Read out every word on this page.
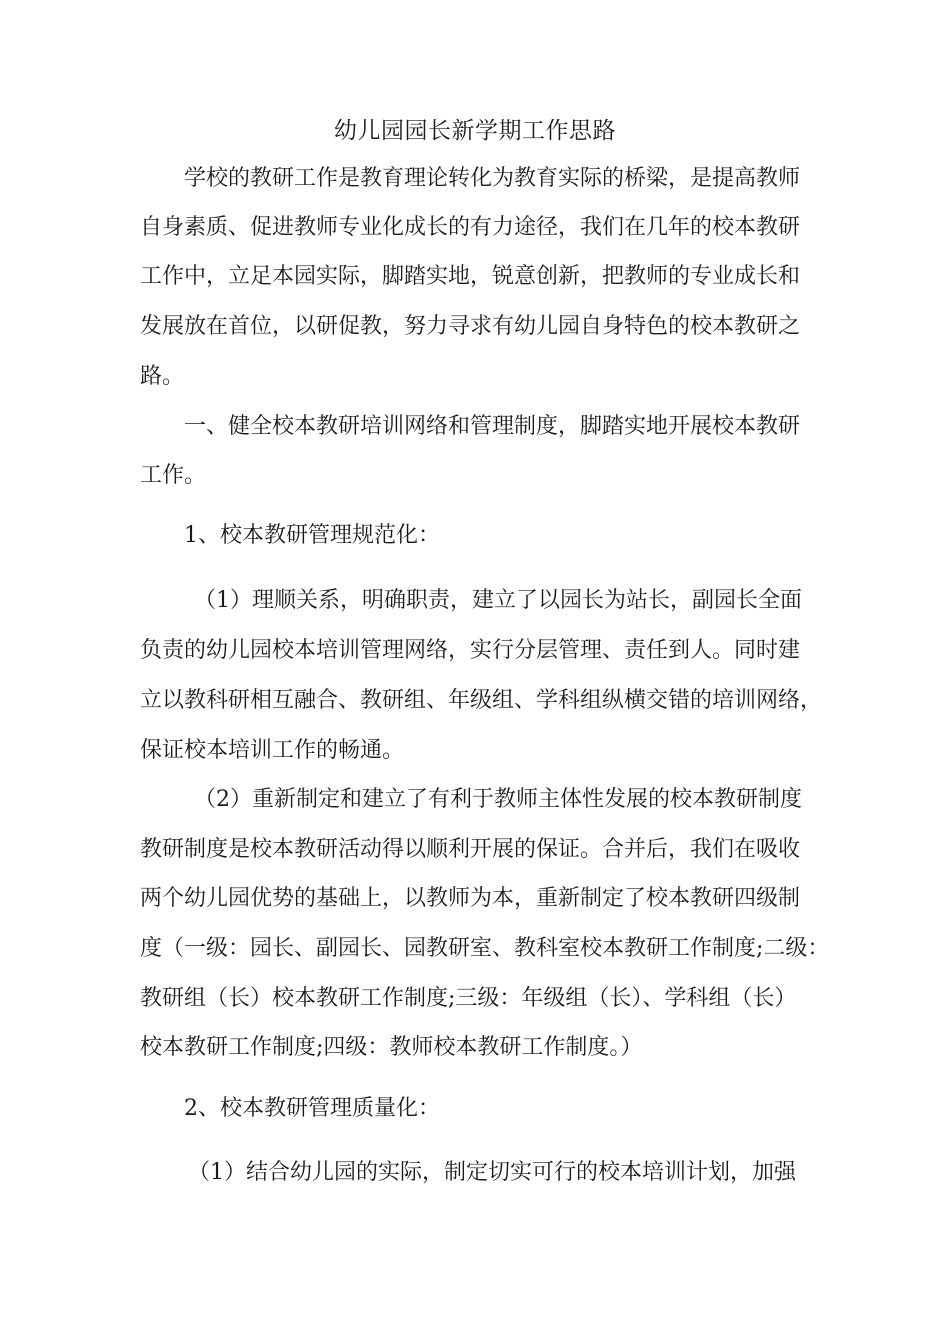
幼儿园园长新学期工作思路
学校的教研工作是教育理论转化为教育实际的桥梁，是提高教师
自身素质、促进教师专业化成长的有力途径，我们在几年的校本教研
工作中，立足本园实际，脚踏实地，锐意创新，把教师的专业成长和
发展放在首位，以研促教，努力寻求有幼儿园自身特色的校本教研之
路。
一、健全校本教研培训网络和管理制度，脚踏实地开展校本教研
工作。
1、校本教研管理规范化：
（1）理顺关系，明确职责，建立了以园长为站长，副园长全面
负责的幼儿园校本培训管理网络，实行分层管理、责任到人。同时建
立以教科研相互融合、教研组、年级组、学科组纵横交错的培训网络，
保证校本培训工作的畅通。
（2）重新制定和建立了有利于教师主体性发展的校本教研制度
教研制度是校本教研活动得以顺利开展的保证。合并后，我们在吸收
两个幼儿园优势的基础上，以教师为本，重新制定了校本教研四级制
度（一级：园长、副园长、园教研室、教科室校本教研工作制度;二级：
教研组（长）校本教研工作制度;三级：年级组（长）、学科组（长）
校本教研工作制度;四级：教师校本教研工作制度。）
2、校本教研管理质量化：
（1）结合幼儿园的实际，制定切实可行的校本培训计划，加强
